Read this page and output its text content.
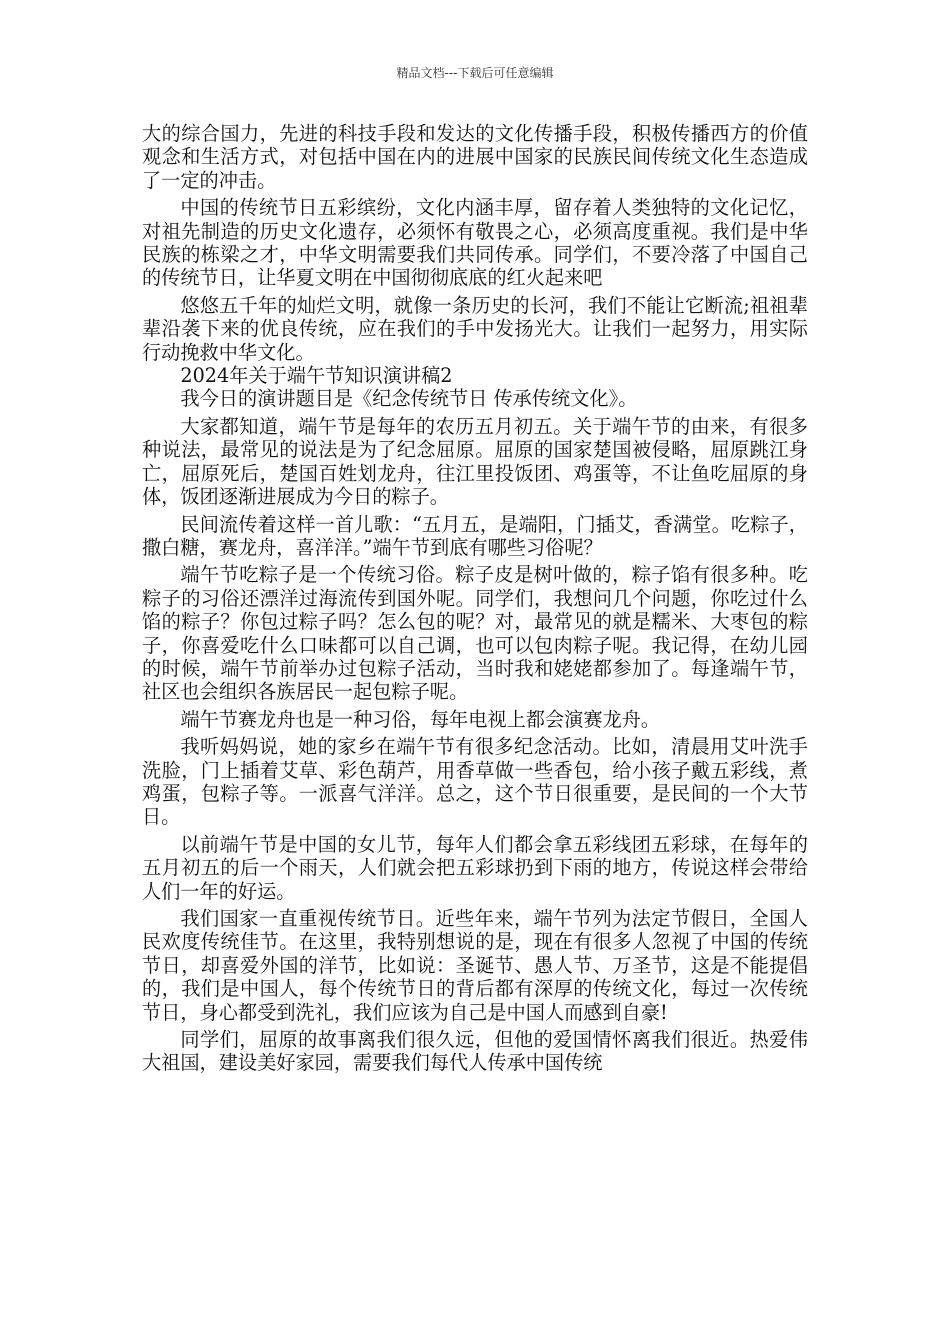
精品文档---下载后可任意编辑

大的综合国力，先进的科技手段和发达的文化传播手段，积极传播西方的价值观念和生活方式，对包括中国在内的进展中国家的民族民间传统文化生态造成了一定的冲击。

中国的传统节日五彩缤纷，文化内涵丰厚，留存着人类独特的文化记忆，对祖先制造的历史文化遗存，必须怀有敬畏之心，必须高度重视。我们是中华民族的栋梁之才，中华文明需要我们共同传承。同学们，不要冷落了中国自己的传统节日，让华夏文明在中国彻彻底底的红火起来吧

悠悠五千年的灿烂文明，就像一条历史的长河，我们不能让它断流;祖祖辈辈沿袭下来的优良传统，应在我们的手中发扬光大。让我们一起努力，用实际行动挽救中华文化。

2024年关于端午节知识演讲稿2

我今日的演讲题目是《纪念传统节日 传承传统文化》。

大家都知道，端午节是每年的农历五月初五。关于端午节的由来，有很多种说法，最常见的说法是为了纪念屈原。屈原的国家楚国被侵略，屈原跳江身亡，屈原死后，楚国百姓划龙舟，往江里投饭团、鸡蛋等，不让鱼吃屈原的身体，饭团逐渐进展成为今日的粽子。

民间流传着这样一首儿歌：“五月五，是端阳，门插艾，香满堂。吃粽子，撒白糖，赛龙舟，喜洋洋。”端午节到底有哪些习俗呢？

端午节吃粽子是一个传统习俗。粽子皮是树叶做的，粽子馅有很多种。吃粽子的习俗还漂洋过海流传到国外呢。同学们，我想问几个问题，你吃过什么馅的粽子？你包过粽子吗？怎么包的呢？对，最常见的就是糯米、大枣包的粽子，你喜爱吃什么口味都可以自己调，也可以包肉粽子呢。我记得，在幼儿园的时候，端午节前举办过包粽子活动，当时我和姥姥都参加了。每逢端午节，社区也会组织各族居民一起包粽子呢。

端午节赛龙舟也是一种习俗，每年电视上都会演赛龙舟。

我听妈妈说，她的家乡在端午节有很多纪念活动。比如，清晨用艾叶洗手洗脸，门上插着艾草、彩色葫芦，用香草做一些香包，给小孩子戴五彩线，煮鸡蛋，包粽子等。一派喜气洋洋。总之，这个节日很重要，是民间的一个大节日。

以前端午节是中国的女儿节，每年人们都会拿五彩线团五彩球，在每年的五月初五的后一个雨天，人们就会把五彩球扔到下雨的地方，传说这样会带给人们一年的好运。

我们国家一直重视传统节日。近些年来，端午节列为法定节假日，全国人民欢度传统佳节。在这里，我特别想说的是，现在有很多人忽视了中国的传统节日，却喜爱外国的洋节，比如说：圣诞节、愚人节、万圣节，这是不能提倡的，我们是中国人，每个传统节日的背后都有深厚的传统文化，每过一次传统节日，身心都受到洗礼，我们应该为自己是中国人而感到自豪!

同学们，屈原的故事离我们很久远，但他的爱国情怀离我们很近。热爱伟大祖国，建设美好家园，需要我们每代人传承中国传统
